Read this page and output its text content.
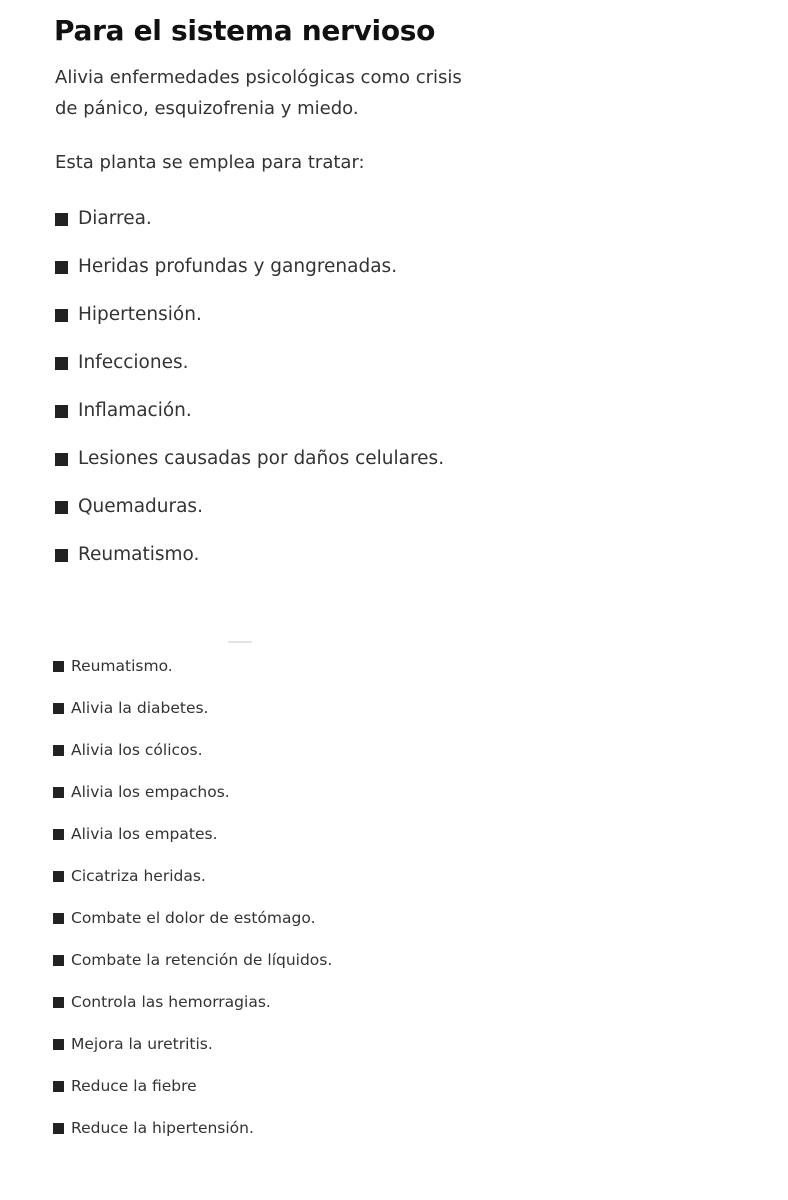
Para el sistema nervioso

Alivia enfermedades psicológicas como crisis
de pánico, esquizofrenia y miedo.

Esta planta se emplea para tratar:

Diarrea.
Heridas profundas y gangrenadas.
Hipertensión.
Infecciones.
Inflamación.
Lesiones causadas por daños celulares.
Quemaduras.
Reumatismo.
Reumatismo.
Alivia la diabetes.
Alivia los cólicos.
Alivia los empachos.
Alivia los empates.
Cicatriza heridas.
Combate el dolor de estómago.
Combate la retención de líquidos.
Controla las hemorragias.
Mejora la uretritis.
Reduce la fiebre
Reduce la hipertensión.
